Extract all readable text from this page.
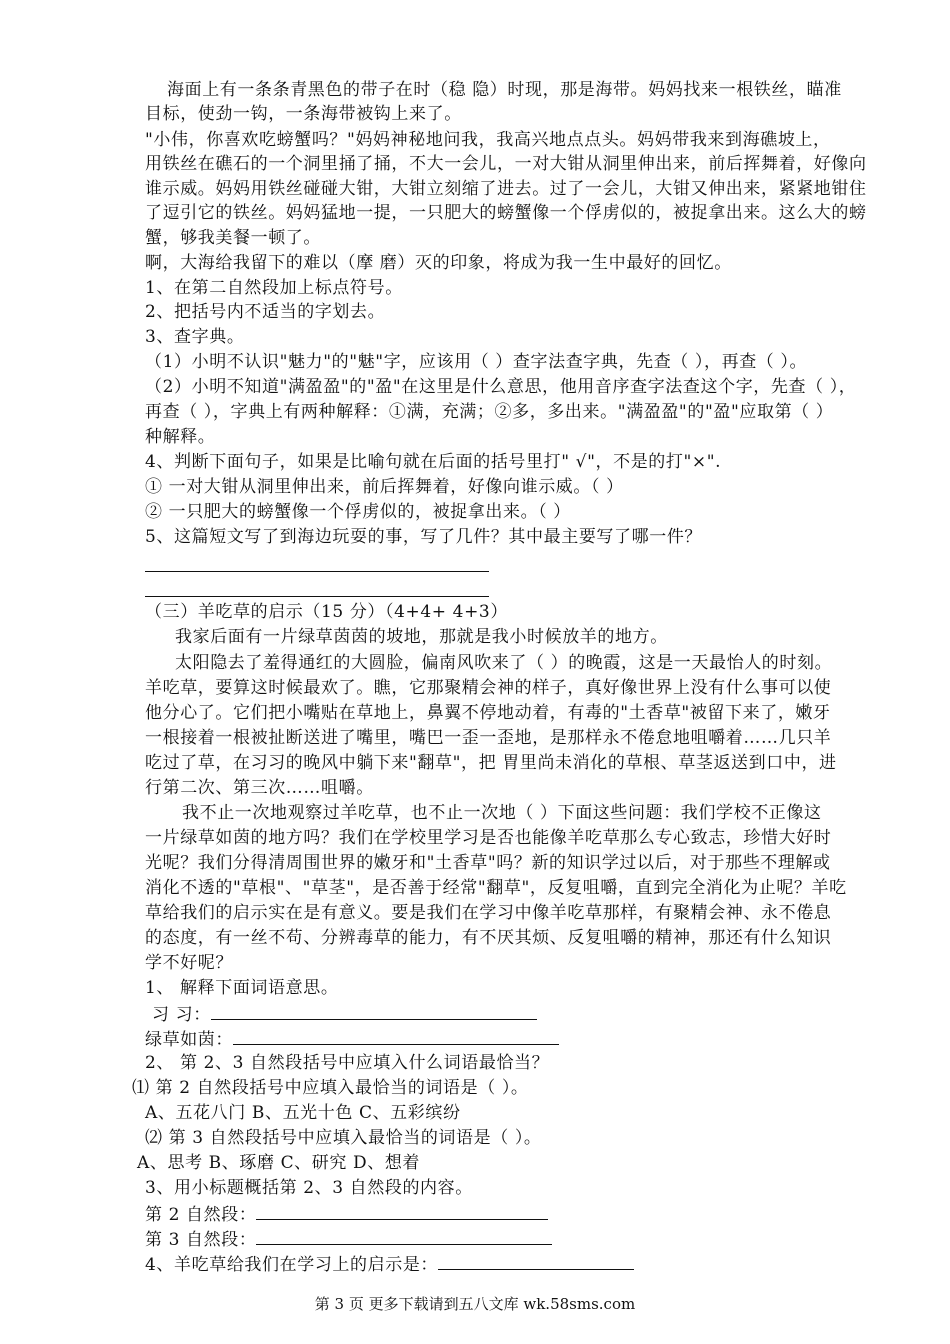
海面上有一条条青黑色的带子在时（稳 隐）时现，那是海带。妈妈找来一根铁丝，瞄准
目标，使劲一钩，一条海带被钩上来了。
"小伟，你喜欢吃螃蟹吗？"妈妈神秘地问我，我高兴地点点头。妈妈带我来到海礁坡上，
用铁丝在礁石的一个洞里捅了捅，不大一会儿，一对大钳从洞里伸出来，前后挥舞着，好像向
谁示威。妈妈用铁丝碰碰大钳，大钳立刻缩了进去。过了一会儿，大钳又伸出来，紧紧地钳住
了逗引它的铁丝。妈妈猛地一提，一只肥大的螃蟹像一个俘虏似的，被捉拿出来。这么大的螃
蟹，够我美餐一顿了。
啊，大海给我留下的难以（摩 磨）灭的印象，将成为我一生中最好的回忆。
1、在第二自然段加上标点符号。
2、把括号内不适当的字划去。
3、查字典。
（1）小明不认识"魅力"的"魅"字，应该用（ ）查字法查字典，先查（ ），再查（ ）。
（2）小明不知道"满盈盈"的"盈"在这里是什么意思，他用音序查字法查这个字，先查（ ），
再查（ ），字典上有两种解释：①满，充满；②多，多出来。"满盈盈"的"盈"应取第（ ）
种解释。
4、判断下面句子，如果是比喻句就在后面的括号里打" √"，不是的打"×".
① 一对大钳从洞里伸出来，前后挥舞着，好像向谁示威。（ ）
② 一只肥大的螃蟹像一个俘虏似的，被捉拿出来。（ ）
5、这篇短文写了到海边玩耍的事，写了几件？其中最主要写了哪一件？
（三）羊吃草的启示（15 分）（4+4+ 4+3）
我家后面有一片绿草茵茵的坡地，那就是我小时候放羊的地方。
太阳隐去了羞得通红的大圆脸，偏南风吹来了（ ）的晚霞，这是一天最怡人的时刻。
羊吃草，要算这时候最欢了。瞧，它那聚精会神的样子，真好像世界上没有什么事可以使
他分心了。它们把小嘴贴在草地上，鼻翼不停地动着，有毒的"土香草"被留下来了，嫩牙
一根接着一根被扯断送进了嘴里，嘴巴一歪一歪地，是那样永不倦怠地咀嚼着……几只羊
吃过了草，在习习的晚风中躺下来"翻草"，把 胃里尚未消化的草根、草茎返送到口中，进
行第二次、第三次……咀嚼。
我不止一次地观察过羊吃草，也不止一次地（ ）下面这些问题：我们学校不正像这
一片绿草如茵的地方吗？我们在学校里学习是否也能像羊吃草那么专心致志，珍惜大好时
光呢？我们分得清周围世界的嫩牙和"土香草"吗？新的知识学过以后，对于那些不理解或
消化不透的"草根"、"草茎"，是否善于经常"翻草"，反复咀嚼，直到完全消化为止呢？羊吃
草给我们的启示实在是有意义。要是我们在学习中像羊吃草那样，有聚精会神、永不倦息
的态度，有一丝不苟、分辨毒草的能力，有不厌其烦、反复咀嚼的精神，那还有什么知识
学不好呢？
1、 解释下面词语意思。
习 习：
绿草如茵：
2、 第 2、3 自然段括号中应填入什么词语最恰当？
⑴ 第 2 自然段括号中应填入最恰当的词语是（ ）。
A、五花八门 B、五光十色 C、五彩缤纷
⑵ 第 3 自然段括号中应填入最恰当的词语是（ ）。
A、思考 B、琢磨 C、研究 D、想着
3、用小标题概括第 2、3 自然段的内容。
第 2 自然段：
第 3 自然段：
4、羊吃草给我们在学习上的启示是：
第 3 页 更多下载请到五八文库 wk.58sms.com
